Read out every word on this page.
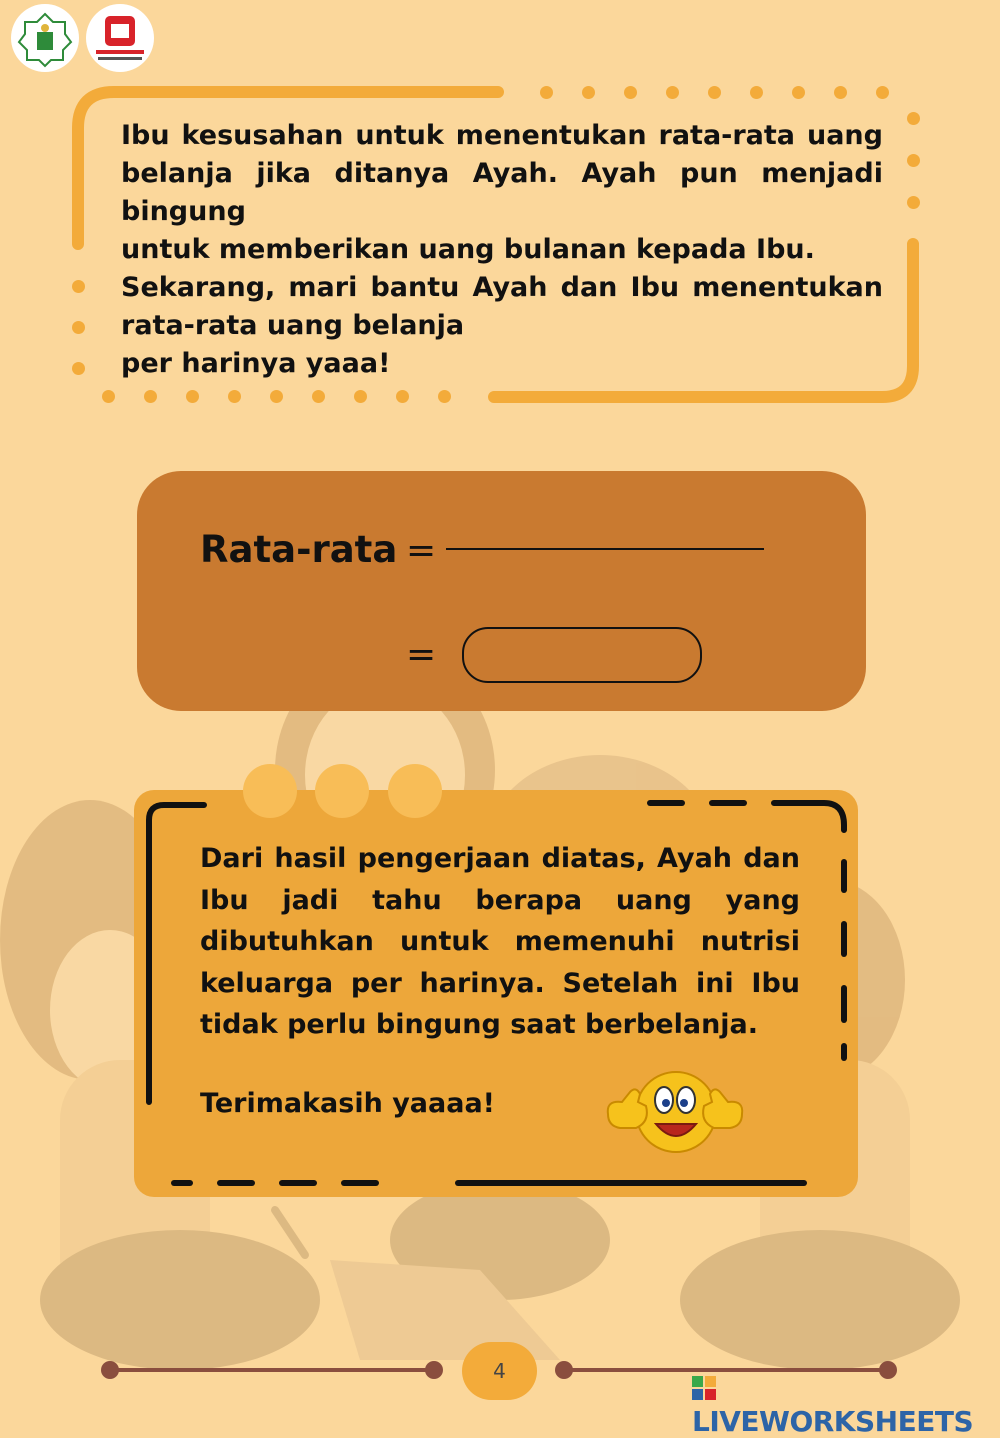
Ibu kesusahan untuk menentukan rata-rata uang
belanja jika ditanya Ayah. Ayah pun menjadi bingung
untuk memberikan uang bulanan kepada Ibu.
Sekarang, mari bantu Ayah dan Ibu menentukan
rata-rata uang belanja
per harinya yaaa!
Rata-rata =
=
Dari hasil pengerjaan diatas, Ayah dan
Ibu jadi tahu berapa uang yang
dibutuhkan untuk memenuhi nutrisi
keluarga per harinya. Setelah ini Ibu
tidak perlu bingung saat berbelanja.
Terimakasih yaaaa!
4
LIVEWORKSHEETS
